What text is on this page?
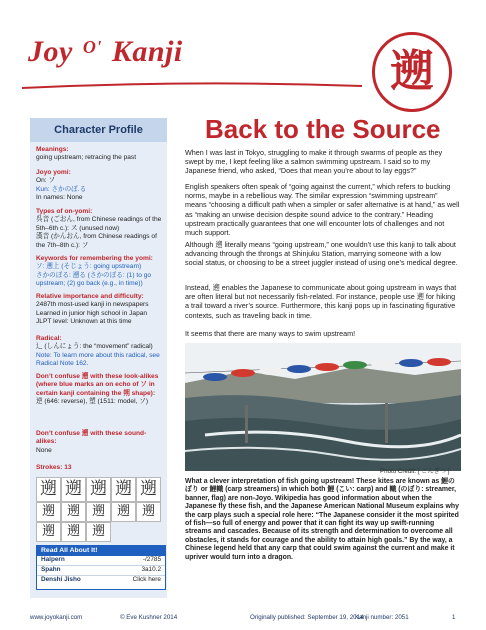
Joy $^{O'}$ Kanji	遡
Character Profile
Meanings:
going upstream; retracing the past
Joyo yomi:
On: ソ
Kun: さかのぼ.る
In names: None
Types of on-yomi:
呉音 (ごおん, from Chinese readings of the 5th–6th c.): ス (unused now)
漢音 (かんおん, from Chinese readings of the 7th–8th c.): ソ
Keywords for remembering the yomi:
ソ: 遡上 (そじょう: going upstream)
さかのぼる: 遡る (さかのぼる: (1) to go upstream; (2) go back (e.g., in time))
Relative importance and difficulty:
2487th most-used kanji in newspapers
Learned in junior high school in Japan
JLPT level: Unknown at this time
Radical:
辶 (しんにょう: the “movement” radical)
Note: To learn more about this radical, see Radical Note 162.
Don’t confuse 遡 with these look-alikes (where blue marks an on echo of ソ in certain kanji containing the 朔 shape):
逆 (646: reverse), 塑 (1511: model, ソ)
Don’t confuse 遡 with these sound-alikes:
None
Strokes: 13
遡 遡 遡 遡 遡
遡 遡 遡 遡 遡
遡 遡 遡
Read All About It!
Halpern	-/2785
Spahn	3a10.2
Denshi Jisho	Click here
Back to the Source

When I was last in Tokyo, struggling to make it through swarms of people as they swept by me, I kept feeling like a salmon swimming upstream. I said so to my Japanese friend, who asked, “Does that mean you’re about to lay eggs?”

English speakers often speak of “going against the current,” which refers to bucking norms, maybe in a rebellious way. The similar expression “swimming upstream” means “choosing a difficult path when a simpler or safer alternative is at hand,” as well as “making an unwise decision despite sound advice to the contrary.” Heading upstream practically guarantees that one will encounter lots of challenges and not much support.

Although 遡 literally means “going upstream,” one wouldn’t use this kanji to talk about advancing through the throngs at Shinjuku Station, marrying someone with a low social status, or choosing to be a street juggler instead of using one’s medical degree.

Instead, 遡 enables the Japanese to communicate about going upstream in ways that are often literal but not necessarily fish-related. For instance, people use 遡 for hiking a trail toward a river’s source. Furthermore, this kanji pops up in fascinating figurative contexts, such as traveling back in time.

It seems that there are many ways to swim upstream!

Photo Credit: [ ごんぎつ ]

What a clever interpretation of fish going upstream! These kites are known as 鯉のぼり or 鯉幟 (carp streamers) in which both 鯉 (こい: carp) and 幟 (のぼり: streamer, banner, flag) are non-Joyo. Wikipedia has good information about when the Japanese fly these fish, and the Japanese American National Museum explains why the carp plays such a special role here: “The Japanese consider it the most spirited of fish—so full of energy and power that it can fight its way up swift-running streams and cascades. Because of its strength and determination to overcome all obstacles, it stands for courage and the ability to attain high goals.” By the way, a Chinese legend held that any carp that could swim against the current and make it upriver would turn into a dragon.

www.joyokanji.com	© Eve Kushner 2014	Originally published: September 19, 2014
Kanji number: 2051	1
